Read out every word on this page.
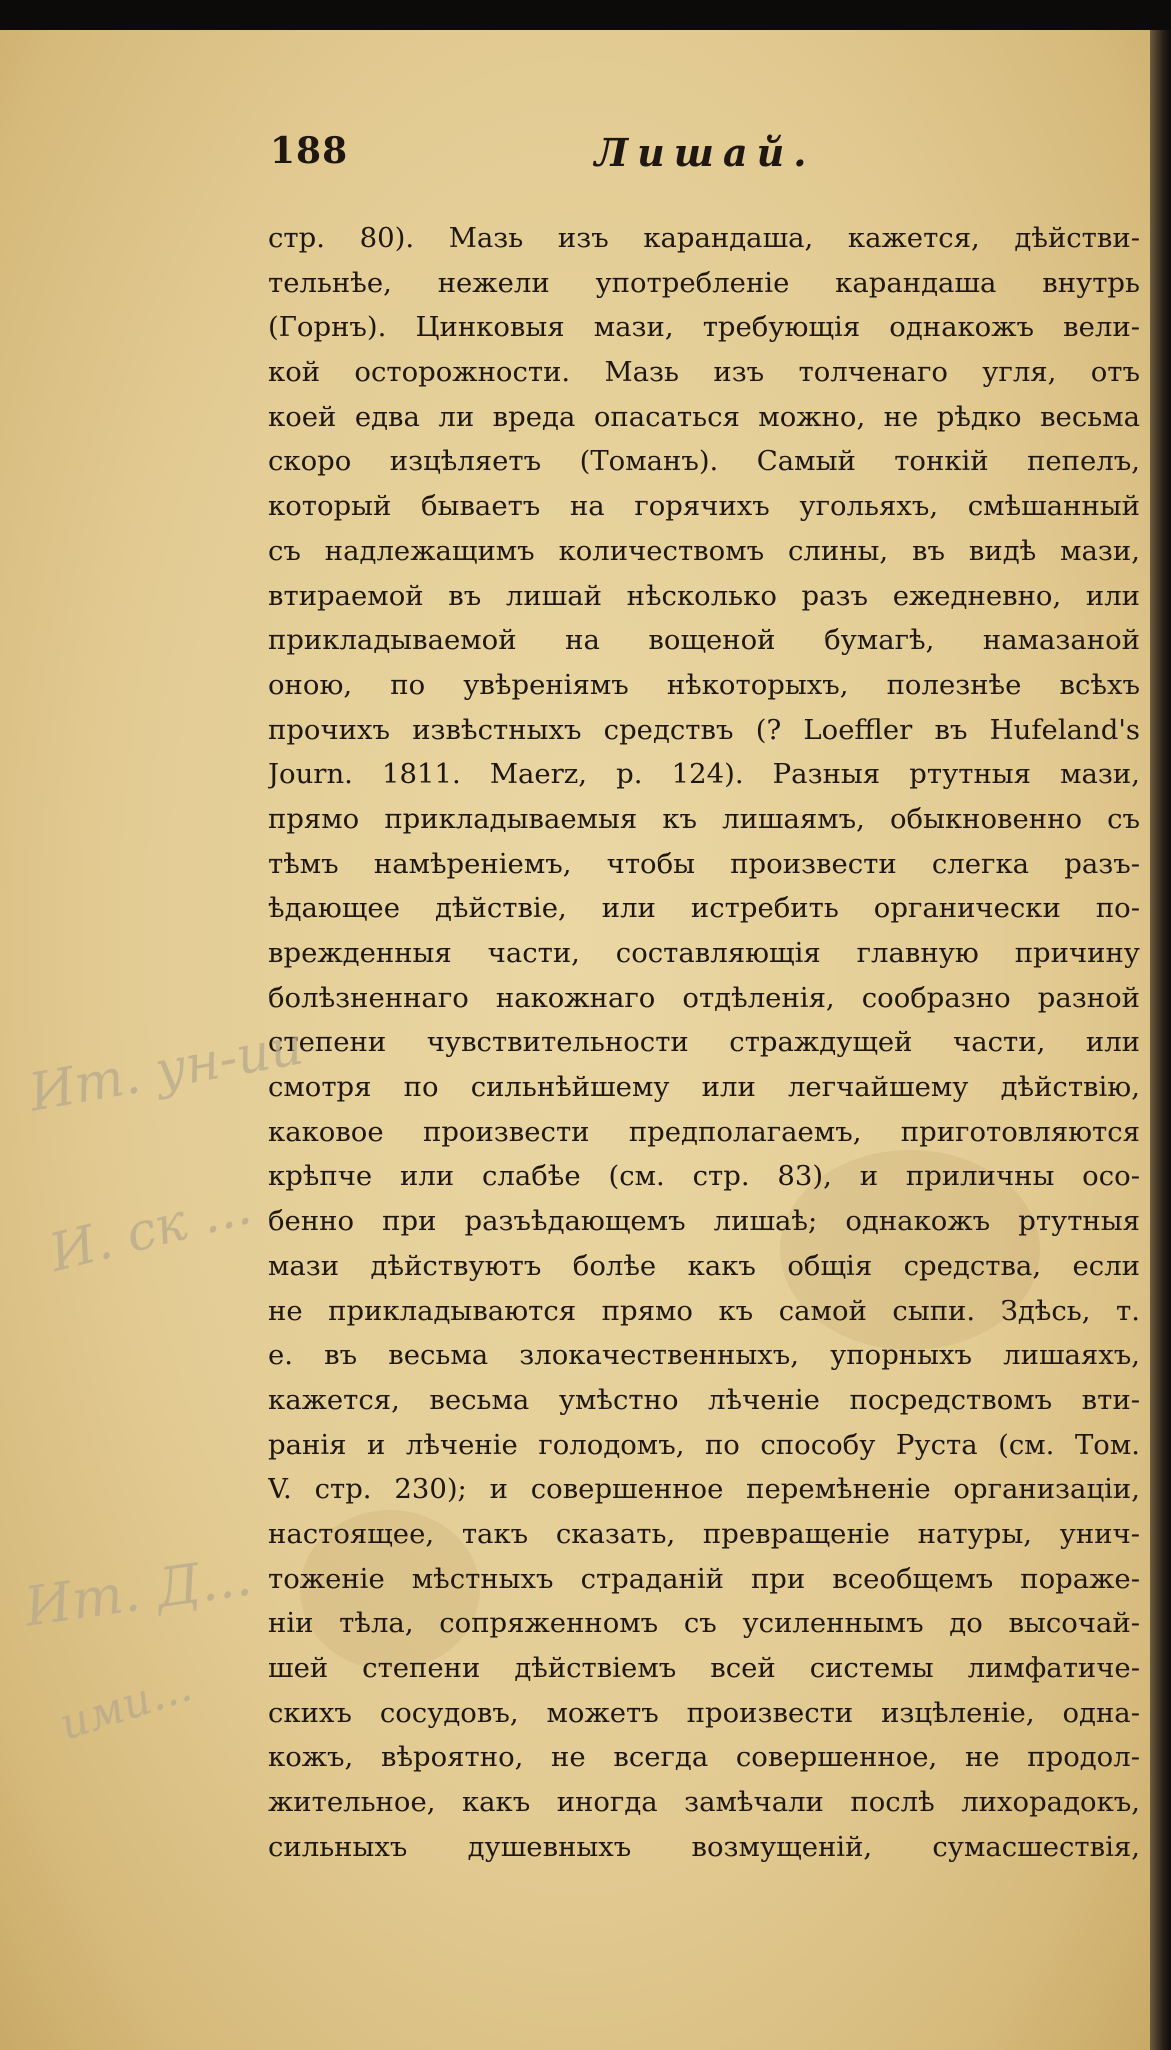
188	Лишай.
стр. 80). Мазь изъ карандаша, кажется, дѣйстви-
тельнѣе, нежели употребленіе карандаша внутрь
(Горнъ). Цинковыя мази, требующія однакожъ вели-
кой осторожности. Мазь изъ толченаго угля, отъ
коей едва ли вреда опасаться можно, не рѣдко весьма
скоро изцѣляетъ (Томанъ). Самый тонкій пепелъ,
который бываетъ на горячихъ угольяхъ, смѣшанный
съ надлежащимъ количествомъ слины, въ видѣ мази,
втираемой въ лишай нѣсколько разъ ежедневно, или
прикладываемой на вощеной бумагѣ, намазаной
оною, по увѣреніямъ нѣкоторыхъ, полезнѣе всѣхъ
прочихъ извѣстныхъ средствъ (? Loeffler въ Hufeland's
Journ. 1811. Maerz, p. 124). Разныя ртутныя мази,
прямо прикладываемыя къ лишаямъ, обыкновенно съ
тѣмъ намѣреніемъ, чтобы произвести слегка разъ-
ѣдающее дѣйствіе, или истребить органически по-
врежденныя части, составляющія главную причину
болѣзненнаго накожнаго отдѣленія, сообразно разной
степени чувствительности страждущей части, или
смотря по сильнѣйшему или легчайшему дѣйствію,
каковое произвести предполагаемъ, приготовляются
крѣпче или слабѣе (см. стр. 83), и приличны осо-
бенно при разъѣдающемъ лишаѣ; однакожъ ртутныя
мази дѣйствуютъ болѣе какъ общія средства, если
не прикладываются прямо къ самой сыпи. Здѣсь, т.
е. въ весьма злокачественныхъ, упорныхъ лишаяхъ,
кажется, весьма умѣстно лѣченіе посредствомъ вти-
ранія и лѣченіе голодомъ, по способу Руста (см. Том.
V. стр. 230); и совершенное перемѣненіе организаціи,
настоящее, такъ сказать, превращеніе натуры, унич-
тоженіе мѣстныхъ страданій при всеобщемъ пораже-
ніи тѣла, сопряженномъ съ усиленнымъ до высочай-
шей степени дѣйствіемъ всей системы лимфатиче-
скихъ сосудовъ, можетъ произвести изцѣленіе, одна-
кожъ, вѣроятно, не всегда совершенное, не продол-
жительное, какъ иногда замѣчали послѣ лихорадокъ,
сильныхъ душевныхъ возмущеній, сумасшествія,
Ит. ун-ии
И. ск ...
Ит. Д...
ими...
